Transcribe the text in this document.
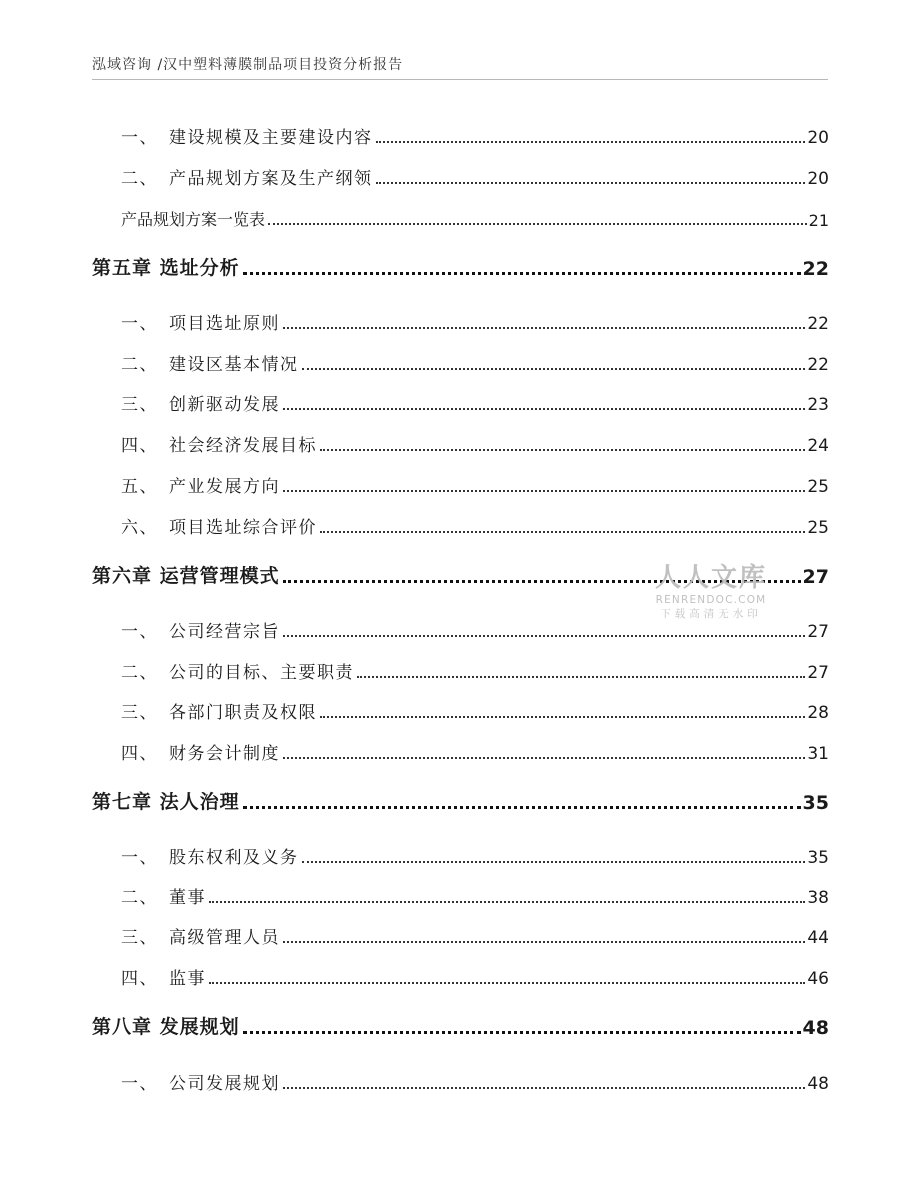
泓域咨询 /汉中塑料薄膜制品项目投资分析报告
一、 建设规模及主要建设内容	20
二、 产品规划方案及生产纲领	20
产品规划方案一览表	21
第五章 选址分析	22
一、 项目选址原则	22
二、 建设区基本情况	22
三、 创新驱动发展	23
四、 社会经济发展目标	24
五、 产业发展方向	25
六、 项目选址综合评价	25
第六章 运营管理模式	27
一、 公司经营宗旨	27
二、 公司的目标、主要职责	27
三、 各部门职责及权限	28
四、 财务会计制度	31
第七章 法人治理	35
一、 股东权利及义务	35
二、 董事	38
三、 高级管理人员	44
四、 监事	46
第八章 发展规划	48
一、 公司发展规划	48
人人文库
RENRENDOC.COM
下载高清无水印
